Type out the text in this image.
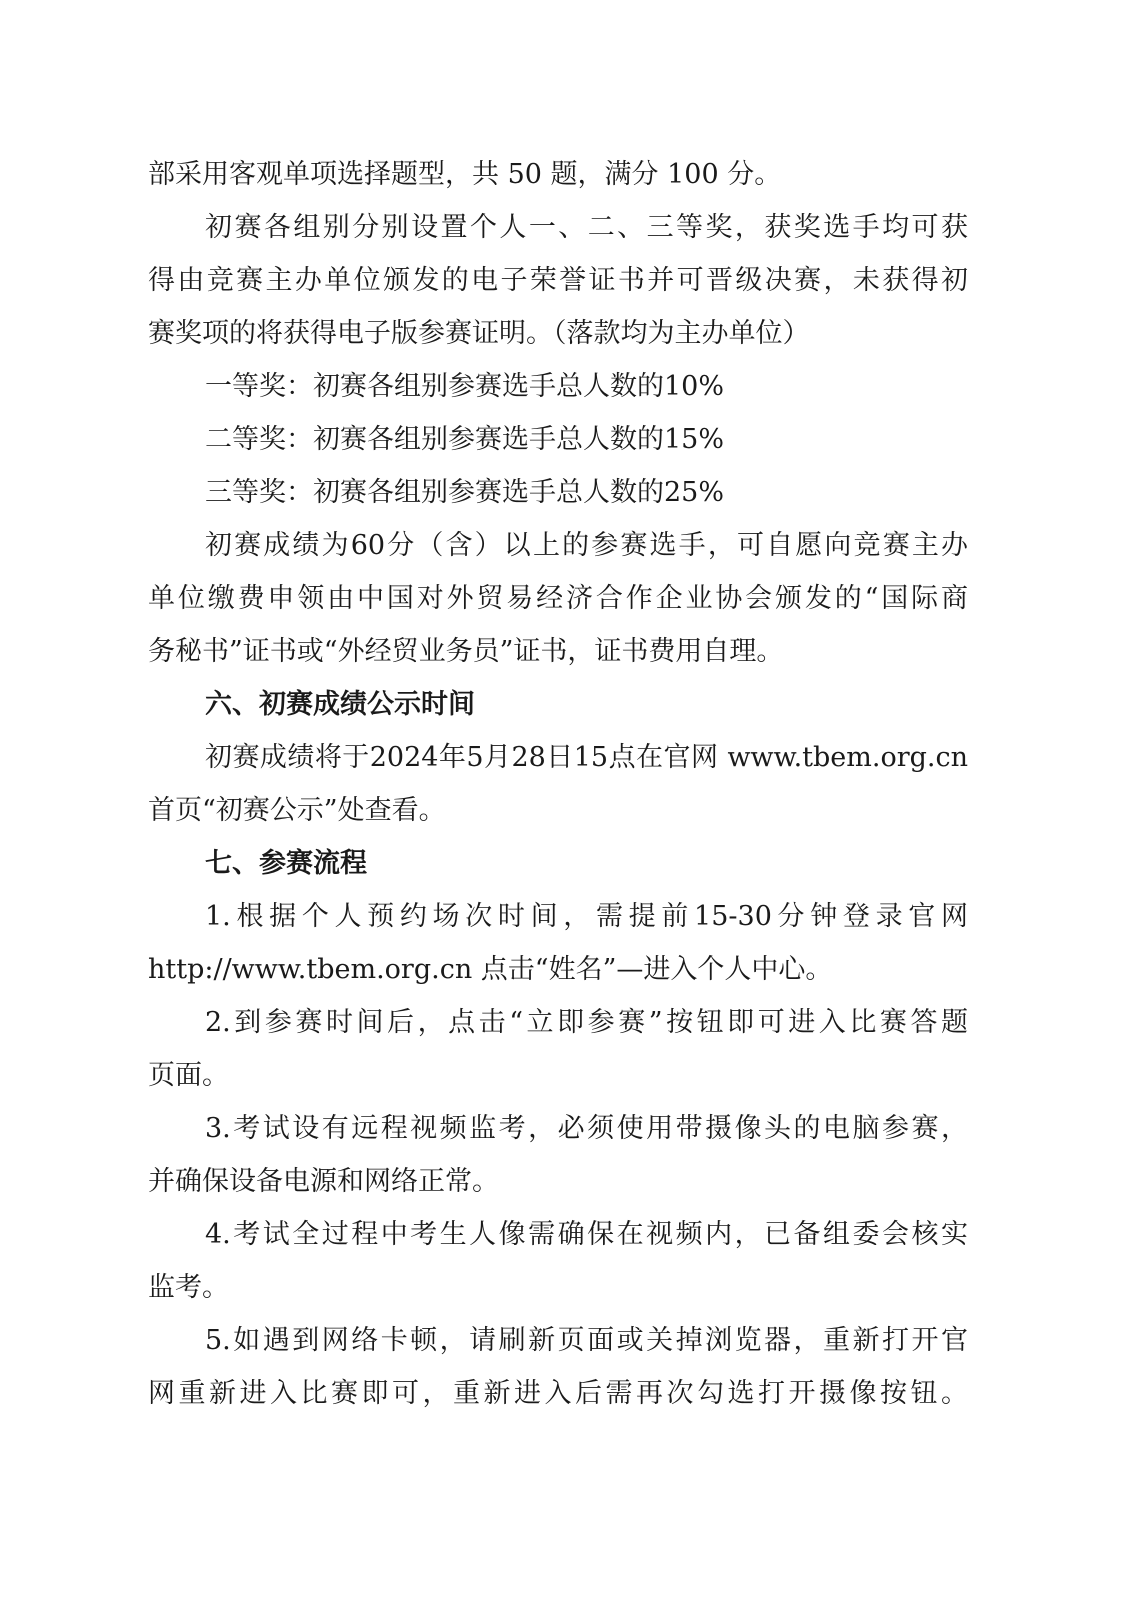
部采用客观单项选择题型，共 50 题，满分 100 分。

初赛各组别分别设置个人一、二、三等奖，获奖选手均可获

得由竞赛主办单位颁发的电子荣誉证书并可晋级决赛，未获得初

赛奖项的将获得电子版参赛证明。（落款均为主办单位）

一等奖：初赛各组别参赛选手总人数的10%

二等奖：初赛各组别参赛选手总人数的15%

三等奖：初赛各组别参赛选手总人数的25%

初赛成绩为60分（含）以上的参赛选手，可自愿向竞赛主办

单位缴费申领由中国对外贸易经济合作企业协会颁发的“国际商

务秘书”证书或“外经贸业务员”证书，证书费用自理。

六、初赛成绩公示时间

初赛成绩将于2024年5月28日15点在官网 www.tbem.org.cn

首页“初赛公示”处查看。

七、参赛流程

1.根据个人预约场次时间，需提前15-30分钟登录官网

http://www.tbem.org.cn 点击“姓名”—进入个人中心。

2.到参赛时间后，点击“立即参赛”按钮即可进入比赛答题

页面。

3.考试设有远程视频监考，必须使用带摄像头的电脑参赛，

并确保设备电源和网络正常。

4.考试全过程中考生人像需确保在视频内，已备组委会核实

监考。

5.如遇到网络卡顿，请刷新页面或关掉浏览器，重新打开官

网重新进入比赛即可，重新进入后需再次勾选打开摄像按钮。
